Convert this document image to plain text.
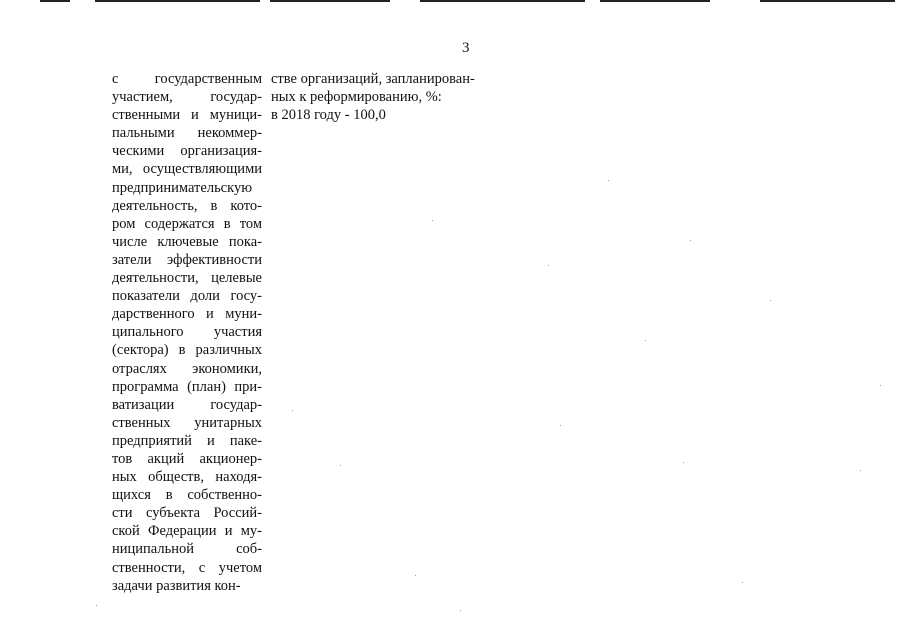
3
с государственным
участием, государ-
ственными и муници-
пальными некоммер-
ческими организация-
ми, осуществляющими
предпринимательскую
деятельность, в кото-
ром содержатся в том
числе ключевые пока-
затели эффективности
деятельности, целевые
показатели доли госу-
дарственного и муни-
ципального участия
(сектора) в различных
отраслях экономики,
программа (план) при-
ватизации государ-
ственных унитарных
предприятий и паке-
тов акций акционер-
ных обществ, находя-
щихся в собственно-
сти субъекта Россий-
ской Федерации и му-
ниципальной соб-
ственности, с учетом
задачи развития кон-
стве организаций, запланирован-
ных к реформированию, %:
в 2018 году - 100,0
